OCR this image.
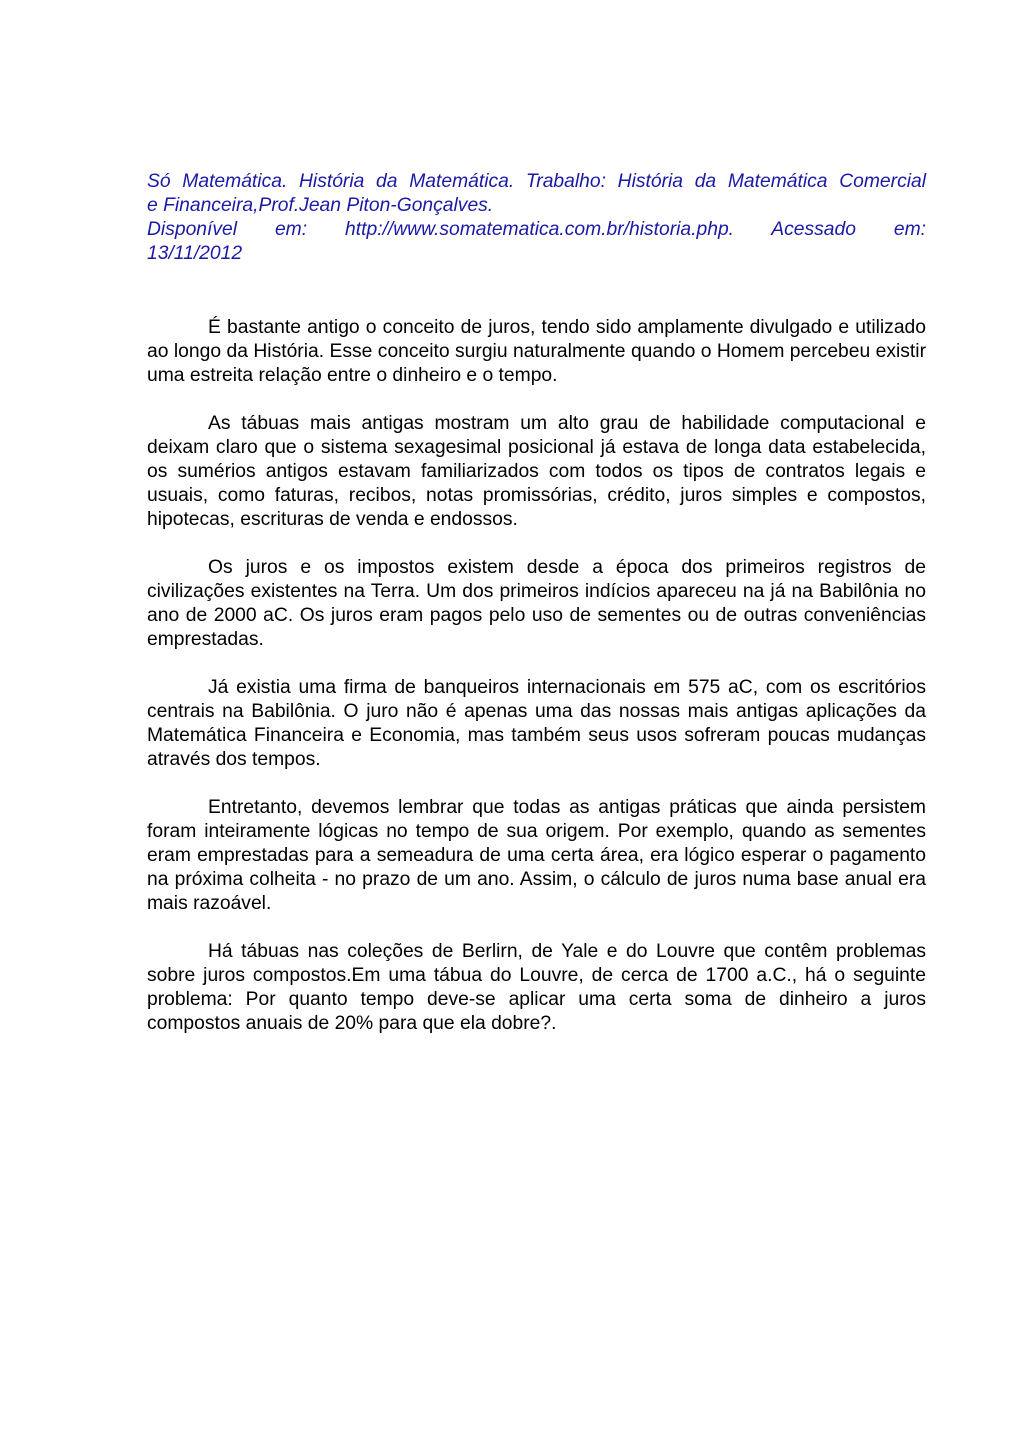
Só Matemática. História da Matemática. Trabalho: História da Matemática Comercial
e Financeira,Prof.Jean Piton-Gonçalves.
Disponível em: http://www.somatematica.com.br/historia.php. Acessado em:
13/11/2012

É bastante antigo o conceito de juros, tendo sido amplamente divulgado e utilizado ao longo da História. Esse conceito surgiu naturalmente quando o Homem percebeu existir uma estreita relação entre o dinheiro e o tempo.

As tábuas mais antigas mostram um alto grau de habilidade computacional e deixam claro que o sistema sexagesimal posicional já estava de longa data estabelecida, os sumérios antigos estavam familiarizados com todos os tipos de contratos legais e usuais, como faturas, recibos, notas promissórias, crédito, juros simples e compostos, hipotecas, escrituras de venda e endossos.

Os juros e os impostos existem desde a época dos primeiros registros de civilizações existentes na Terra. Um dos primeiros indícios apareceu na já na Babilônia no ano de 2000 aC. Os juros eram pagos pelo uso de sementes ou de outras conveniências emprestadas.

Já existia uma firma de banqueiros internacionais em 575 aC, com os escritórios centrais na Babilônia. O juro não é apenas uma das nossas mais antigas aplicações da Matemática Financeira e Economia, mas também seus usos sofreram poucas mudanças através dos tempos.

Entretanto, devemos lembrar que todas as antigas práticas que ainda persistem foram inteiramente lógicas no tempo de sua origem. Por exemplo, quando as sementes eram emprestadas para a semeadura de uma certa área, era lógico esperar o pagamento na próxima colheita - no prazo de um ano. Assim, o cálculo de juros numa base anual era mais razoável.

Há tábuas nas coleções de Berlirn, de Yale e do Louvre que contêm problemas sobre juros compostos.Em uma tábua do Louvre, de cerca de 1700 a.C., há o seguinte problema: Por quanto tempo deve-se aplicar uma certa soma de dinheiro a juros compostos anuais de 20% para que ela dobre?.
